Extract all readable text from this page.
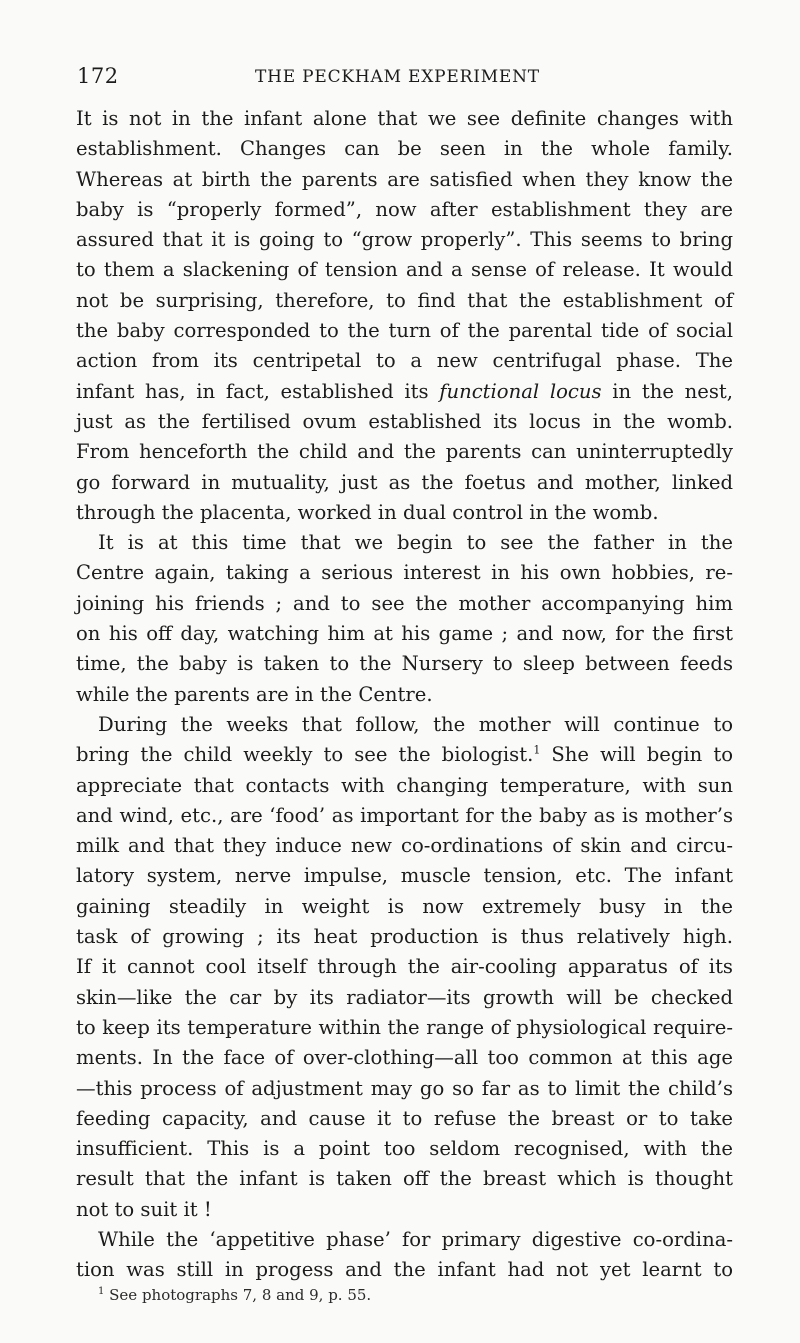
172	THE PECKHAM EXPERIMENT
It is not in the infant alone that we see definite changes with
establishment. Changes can be seen in the whole family.
Whereas at birth the parents are satisfied when they know the
baby is “properly formed”, now after establishment they are
assured that it is going to “grow properly”. This seems to bring
to them a slackening of tension and a sense of release. It would
not be surprising, therefore, to find that the establishment of
the baby corresponded to the turn of the parental tide of social
action from its centripetal to a new centrifugal phase. The
infant has, in fact, established its functional locus in the nest,
just as the fertilised ovum established its locus in the womb.
From henceforth the child and the parents can uninterruptedly
go forward in mutuality, just as the foetus and mother, linked
through the placenta, worked in dual control in the womb.
It is at this time that we begin to see the father in the
Centre again, taking a serious interest in his own hobbies, re-
joining his friends ; and to see the mother accompanying him
on his off day, watching him at his game ; and now, for the first
time, the baby is taken to the Nursery to sleep between feeds
while the parents are in the Centre.
During the weeks that follow, the mother will continue to
bring the child weekly to see the biologist.$^1$ She will begin to
appreciate that contacts with changing temperature, with sun
and wind, etc., are ‘food’ as important for the baby as is mother’s
milk and that they induce new co-ordinations of skin and circu-
latory system, nerve impulse, muscle tension, etc. The infant
gaining steadily in weight is now extremely busy in the
task of growing ; its heat production is thus relatively high.
If it cannot cool itself through the air-cooling apparatus of its
skin—like the car by its radiator—its growth will be checked
to keep its temperature within the range of physiological require-
ments. In the face of over-clothing—all too common at this age
—this process of adjustment may go so far as to limit the child’s
feeding capacity, and cause it to refuse the breast or to take
insufficient. This is a point too seldom recognised, with the
result that the infant is taken off the breast which is thought
not to suit it !
While the ‘appetitive phase’ for primary digestive co-ordina-
tion was still in progess and the infant had not yet learnt to
$^1$ See photographs 7, 8 and 9, p. 55.
